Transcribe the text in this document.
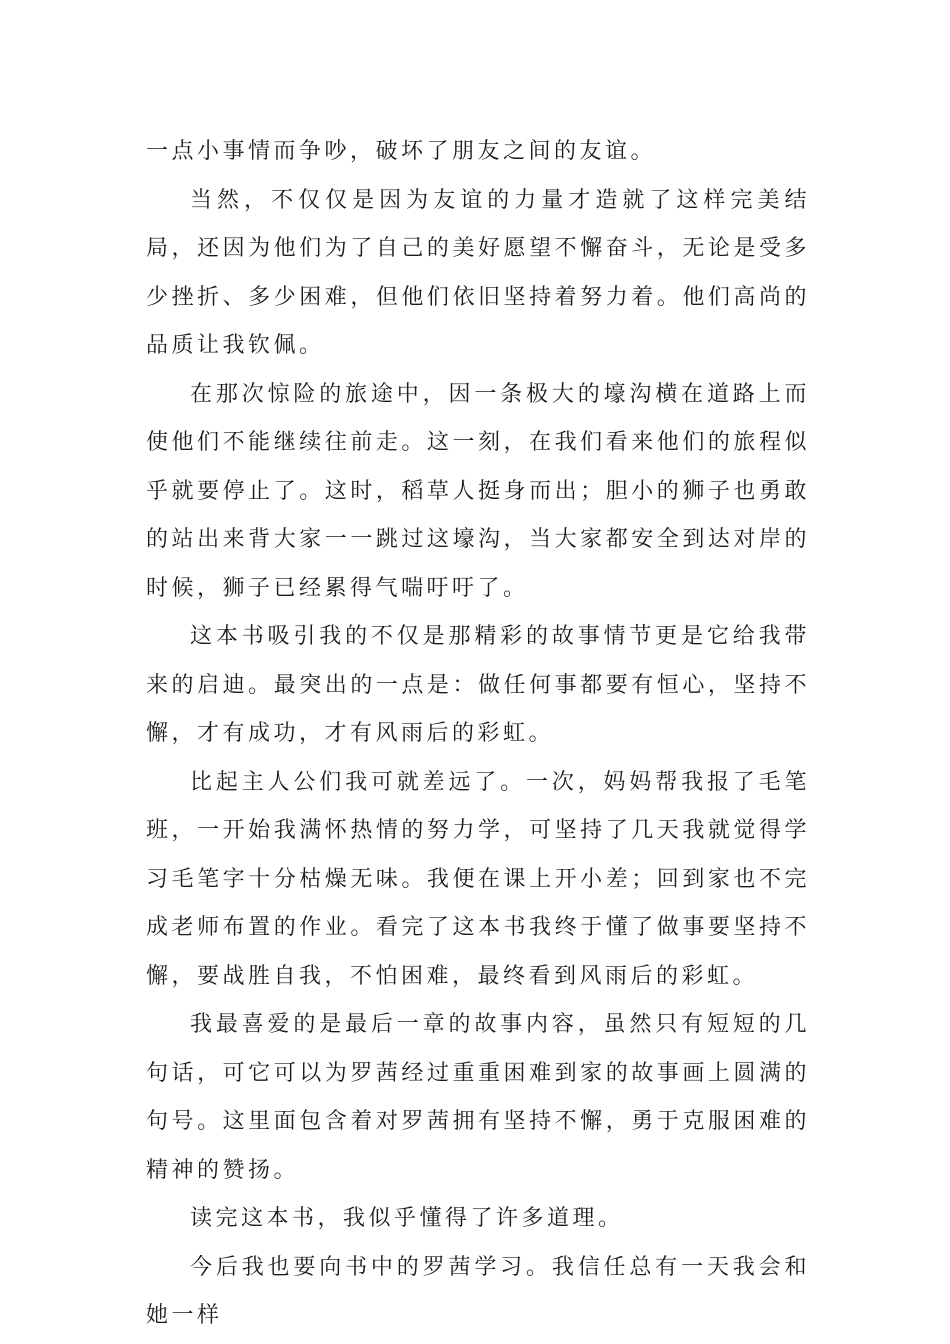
一点小事情而争吵，破坏了朋友之间的友谊。

当然，不仅仅是因为友谊的力量才造就了这样完美结局，还因为他们为了自己的美好愿望不懈奋斗，无论是受多少挫折、多少困难，但他们依旧坚持着努力着。他们高尚的品质让我钦佩。

在那次惊险的旅途中，因一条极大的壕沟横在道路上而使他们不能继续往前走。这一刻，在我们看来他们的旅程似乎就要停止了。这时，稻草人挺身而出；胆小的狮子也勇敢的站出来背大家一一跳过这壕沟，当大家都安全到达对岸的时候，狮子已经累得气喘吁吁了。

这本书吸引我的不仅是那精彩的故事情节更是它给我带来的启迪。最突出的一点是：做任何事都要有恒心，坚持不懈，才有成功，才有风雨后的彩虹。

比起主人公们我可就差远了。一次，妈妈帮我报了毛笔班，一开始我满怀热情的努力学，可坚持了几天我就觉得学习毛笔字十分枯燥无味。我便在课上开小差；回到家也不完成老师布置的作业。看完了这本书我终于懂了做事要坚持不懈，要战胜自我，不怕困难，最终看到风雨后的彩虹。

我最喜爱的是最后一章的故事内容，虽然只有短短的几句话，可它可以为罗茜经过重重困难到家的故事画上圆满的句号。这里面包含着对罗茜拥有坚持不懈，勇于克服困难的精神的赞扬。

读完这本书，我似乎懂得了许多道理。

今后我也要向书中的罗茜学习。我信任总有一天我会和她一样
